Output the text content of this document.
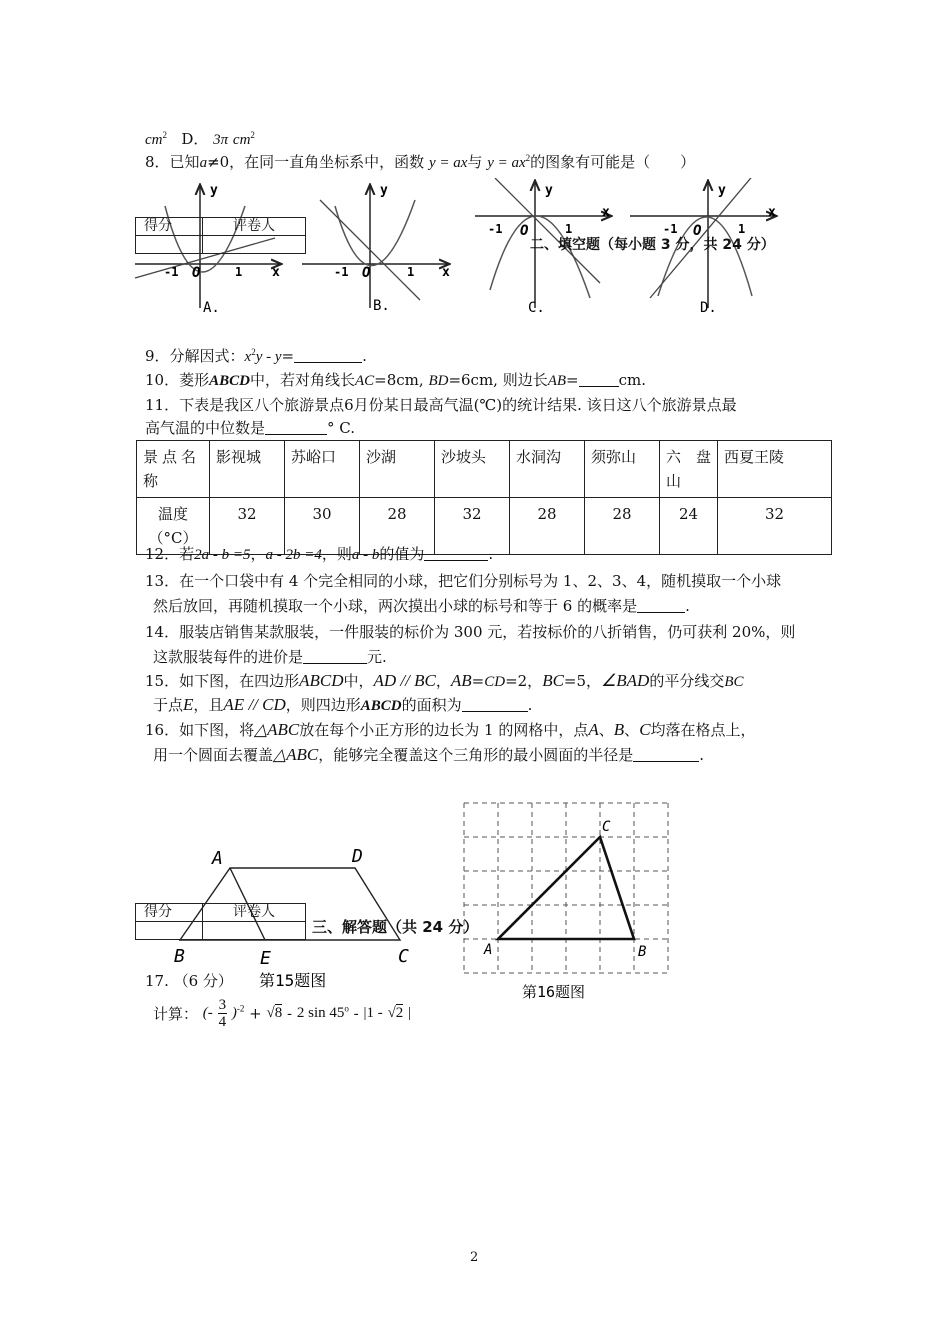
$cm^2$ D． 3π $cm^2$
8．已知a≠0，在同一直角坐标系中，函数 y = ax与 $y = ax^2$的图象有可能是（　　）
y
x
-1 O	1
A.
y
x
-1 O	1
B.
y
x
-1 O	1
C.
y
x
-1 O	1
D.
得分	评卷人

二、填空题（每小题 3 分，共 24 分）
9．分解因式：$x^2y - y=$	.
10．菱形ABCD中，若对角线长AC=8cm, BD=6cm, 则边长AB=	cm.
11．下表是我区八个旅游景点6月份某日最高气温(℃)的统计结果. 该日这八个旅游景点最
高气温的中位数是	° C.
景点名称	影视城	苏峪口	沙湖	沙坡头	水洞沟	须弥山	六　盘山	西夏王陵
温度（°C）	32	30	28	32	28	28	24	32
12．若2a - b =5，a - 2b =4，则a - b的值为	.
13．在一个口袋中有 4 个完全相同的小球，把它们分别标号为 1、2、3、4，随机摸取一个小球
然后放回，再随机摸取一个小球，两次摸出小球的标号和等于 6 的概率是	.
14．服装店销售某款服装，一件服装的标价为 300 元，若按标价的八折销售，仍可获利 20%，则
这款服装每件的进价是	元.
15．如下图，在四边形ABCD中，AD // BC，AB=CD=2，BC=5，∠BAD的平分线交BC
于点E，且AE // CD，则四边形ABCD的面积为	.
16．如下图，将△ABC放在每个小正方形的边长为 1 的网格中，点A、B、C均落在格点上，
用一个圆面去覆盖△ABC，能够完全覆盖这个三角形的最小圆面的半径是	.
A	D
B	E	C
第15题图
得分	评卷人

三、解答题（共 24 分）
A	B
C
第16题图
17. （6 分）
计算： (- $\frac{3}{4} )^{-2} + √8 - 2$ sin 45$^o$ - |1 - √2 |
2
